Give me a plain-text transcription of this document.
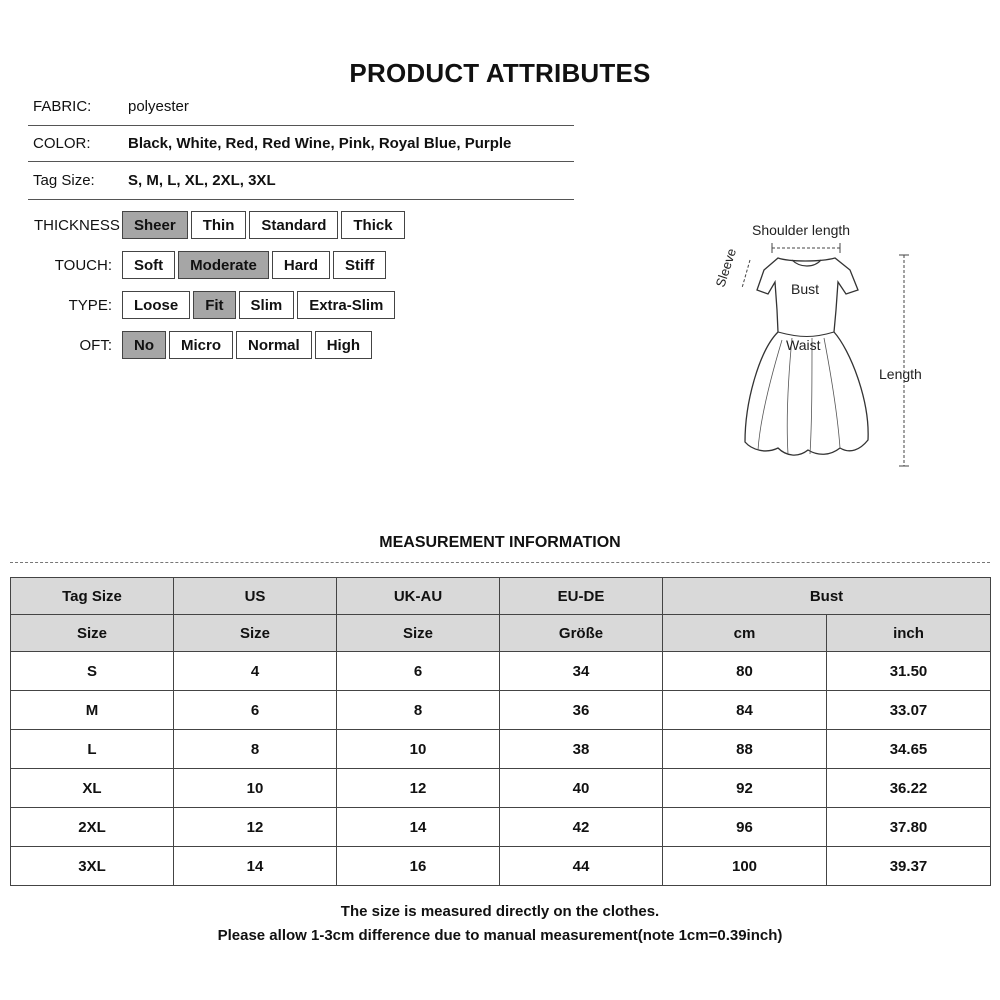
PRODUCT ATTRIBUTES
FABRIC:	polyester
COLOR:	Black, White, Red, Red Wine, Pink, Royal Blue, Purple
Tag Size:	S, M, L, XL, 2XL, 3XL
THICKNESS Sheer Thin Standard Thick
TOUCH:	Soft Moderate Hard Stiff
TYPE:	Loose Fit Slim Extra-Slim
OFT:	No Micro Normal High
Shoulder length
Sleeve
Bust
Waist
Length
MEASUREMENT INFORMATION
Tag Size	US	UK-AU	EU-DE	Bust	
Size	Size	Size	Größe	cm	inch
S	4	6	34	80	31.50
M	6	8	36	84	33.07
L	8	10	38	88	34.65
XL	10	12	40	92	36.22
2XL	12	14	42	96	37.80
3XL	14	16	44	100	39.37
The size is measured directly on the clothes.
Please allow 1-3cm difference due to manual measurement(note 1cm=0.39inch)
